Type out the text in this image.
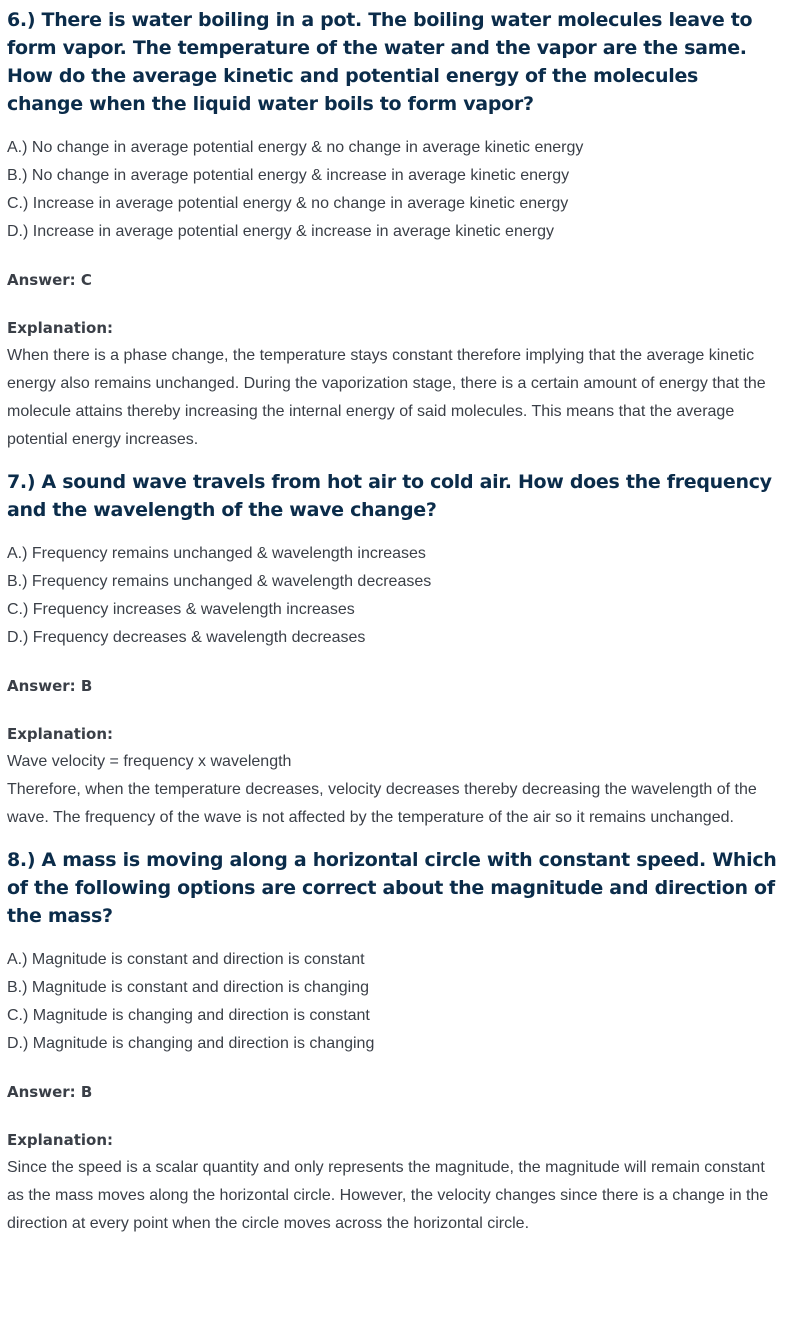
6.) There is water boiling in a pot. The boiling water molecules leave to form vapor. The temperature of the water and the vapor are the same. How do the average kinetic and potential energy of the molecules change when the liquid water boils to form vapor?
A.) No change in average potential energy & no change in average kinetic energy
B.) No change in average potential energy & increase in average kinetic energy
C.) Increase in average potential energy & no change in average kinetic energy
D.) Increase in average potential energy & increase in average kinetic energy

Answer: C

Explanation:

When there is a phase change, the temperature stays constant therefore implying that the average kinetic energy also remains unchanged. During the vaporization stage, there is a certain amount of energy that the molecule attains thereby increasing the internal energy of said molecules. This means that the average potential energy increases.

7.) A sound wave travels from hot air to cold air. How does the frequency and the wavelength of the wave change?
A.) Frequency remains unchanged & wavelength increases
B.) Frequency remains unchanged & wavelength decreases
C.) Frequency increases & wavelength increases
D.) Frequency decreases & wavelength decreases

Answer: B

Explanation:

Wave velocity = frequency x wavelength

Therefore, when the temperature decreases, velocity decreases thereby decreasing the wavelength of the wave. The frequency of the wave is not affected by the temperature of the air so it remains unchanged.

8.) A mass is moving along a horizontal circle with constant speed. Which of the following options are correct about the magnitude and direction of the mass?
A.) Magnitude is constant and direction is constant
B.) Magnitude is constant and direction is changing
C.) Magnitude is changing and direction is constant
D.) Magnitude is changing and direction is changing

Answer: B

Explanation:

Since the speed is a scalar quantity and only represents the magnitude, the magnitude will remain constant as the mass moves along the horizontal circle. However, the velocity changes since there is a change in the direction at every point when the circle moves across the horizontal circle.
